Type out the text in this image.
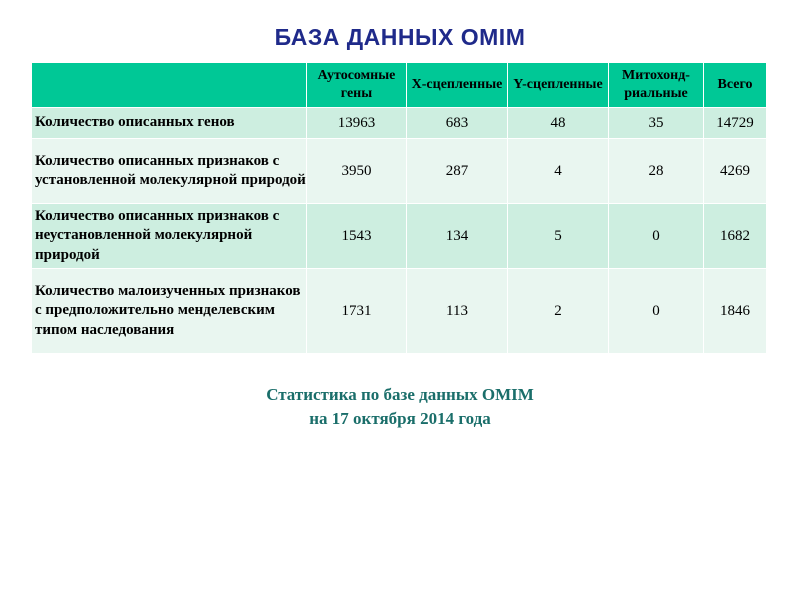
БАЗА ДАННЫХ OMIM
	Аутосомные гены	X-сцепленные	Y-сцепленные	Митохонд-риальные	Всего
Количество описанных генов	13963	683	48	35	14729
Количество описанных признаков с установленной молекулярной природой	3950	287	4	28	4269
Количество описанных признаков с неустановленной молекулярной природой	1543	134	5	0	1682
Количество малоизученных признаков с предположительно менделевским типом наследования	1731	113	2	0	1846
Статистика по базе данных OMIM
на 17 октября 2014 года
